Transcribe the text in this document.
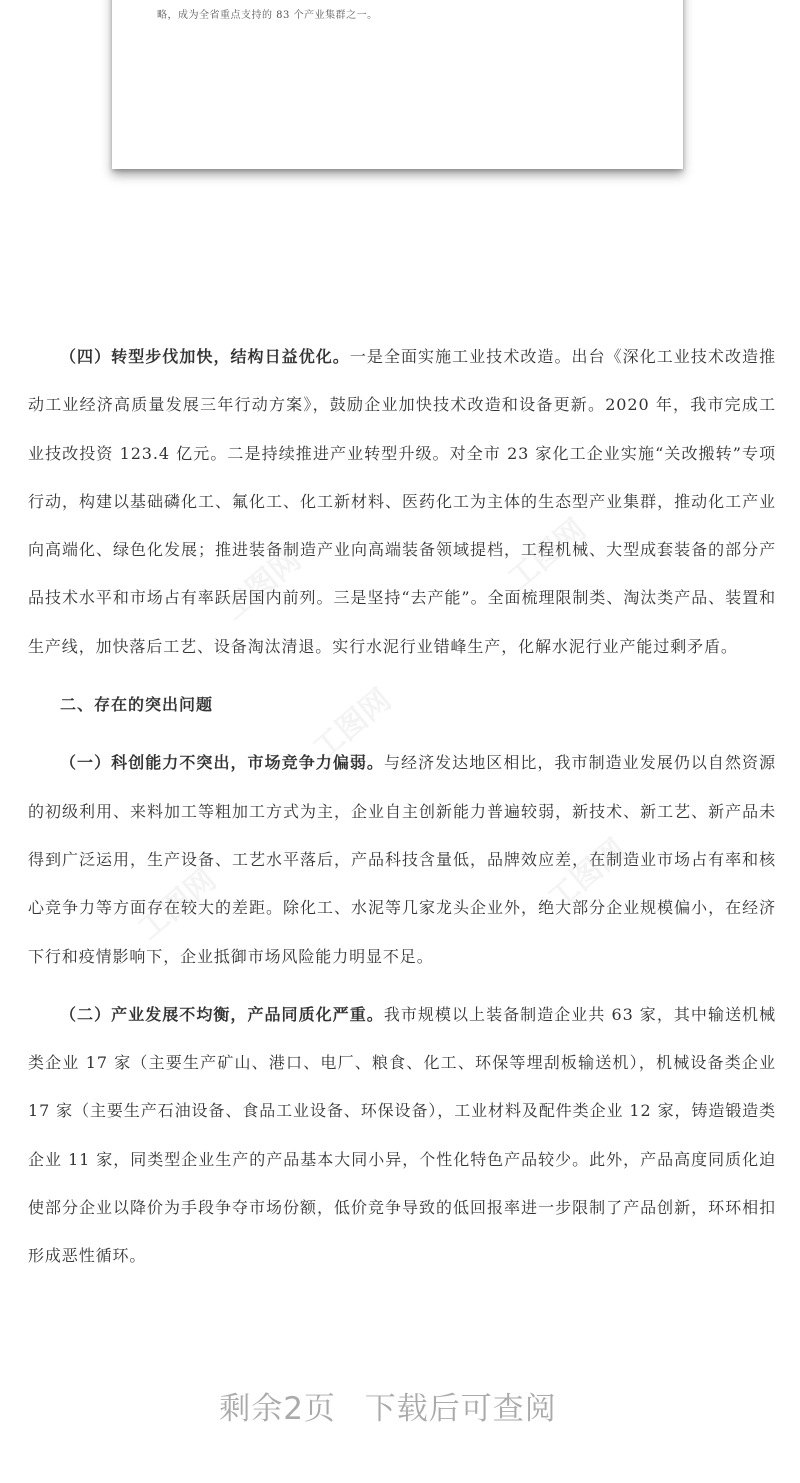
略，成为全省重点支持的 83 个产业集群之一。
工图网	工图网
工图网
工图网	工图网

（四）转型步伐加快，结构日益优化。一是全面实施工业技术改造。出台《深化工业技术改造推动工业经济高质量发展三年行动方案》，鼓励企业加快技术改造和设备更新。2020 年，我市完成工业技改投资 123.4 亿元。二是持续推进产业转型升级。对全市 23 家化工企业实施“关改搬转”专项行动，构建以基础磷化工、氟化工、化工新材料、医药化工为主体的生态型产业集群，推动化工产业向高端化、绿色化发展；推进装备制造产业向高端装备领域提档，工程机械、大型成套装备的部分产品技术水平和市场占有率跃居国内前列。三是坚持“去产能”。全面梳理限制类、淘汰类产品、装置和生产线，加快落后工艺、设备淘汰清退。实行水泥行业错峰生产，化解水泥行业产能过剩矛盾。

二、存在的突出问题

（一）科创能力不突出，市场竞争力偏弱。与经济发达地区相比，我市制造业发展仍以自然资源的初级利用、来料加工等粗加工方式为主，企业自主创新能力普遍较弱，新技术、新工艺、新产品未得到广泛运用，生产设备、工艺水平落后，产品科技含量低，品牌效应差，在制造业市场占有率和核心竞争力等方面存在较大的差距。除化工、水泥等几家龙头企业外，绝大部分企业规模偏小，在经济下行和疫情影响下，企业抵御市场风险能力明显不足。

（二）产业发展不均衡，产品同质化严重。我市规模以上装备制造企业共 63 家，其中输送机械类企业 17 家（主要生产矿山、港口、电厂、粮食、化工、环保等埋刮板输送机），机械设备类企业 17 家（主要生产石油设备、食品工业设备、环保设备），工业材料及配件类企业 12 家，铸造锻造类企业 11 家，同类型企业生产的产品基本大同小异，个性化特色产品较少。此外，产品高度同质化迫使部分企业以降价为手段争夺市场份额，低价竞争导致的低回报率进一步限制了产品创新，环环相扣形成恶性循环。

剩余2页 下载后可查阅
